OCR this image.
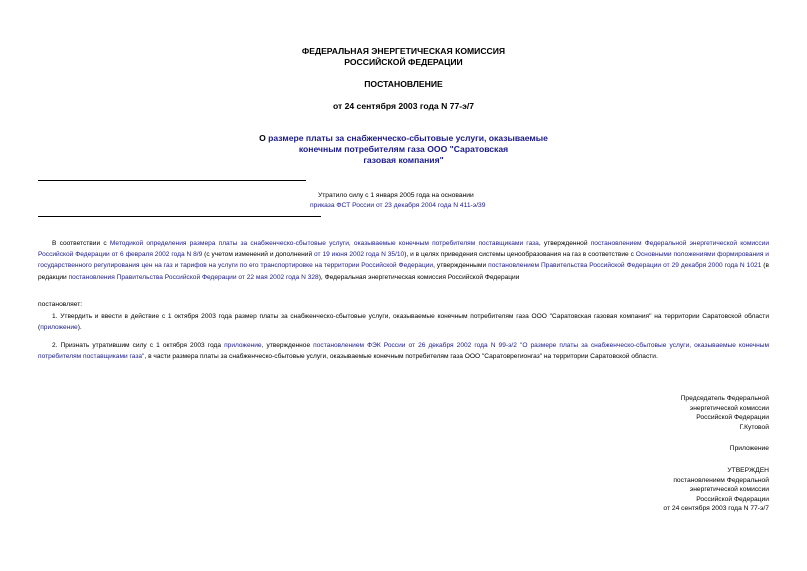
ФЕДЕРАЛЬНАЯ ЭНЕРГЕТИЧЕСКАЯ КОМИССИЯ
РОССИЙСКОЙ ФЕДЕРАЦИИ
ПОСТАНОВЛЕНИЕ
от 24 сентября 2003 года N 77-э/7
О размере платы за снабженческо-сбытовые услуги, оказываемые
конечным потребителям газа ООО "Саратовская
газовая компания"
Утратило силу с 1 января 2005 года на основании
приказа ФСТ России от 23 декабря 2004 года N 411-э/39
В соответствии с Методикой определения размера платы за снабженческо-сбытовые услуги, оказываемые конечным потребителям поставщиками газа, утвержденной постановлением Федеральной энергетической комиссии Российской Федерации от 6 февраля 2002 года N 8/9 (с учетом изменений и дополнений от 19 июня 2002 года N 35/10), и в целях приведения системы ценообразования на газ в соответствие с Основными положениями формирования и государственного регулирования цен на газ и тарифов на услуги по его транспортировке на территории Российской Федерации, утвержденными постановлением Правительства Российской Федерации от 29 декабря 2000 года N 1021 (в редакции постановления Правительства Российской Федерации от 22 мая 2002 года N 328), Федеральная энергетическая комиссия Российской Федерации
постановляет:
1. Утвердить и ввести в действие с 1 октября 2003 года размер платы за снабженческо-сбытовые услуги, оказываемые конечным потребителям газа ООО "Саратовская газовая компания" на территории Саратовской области (приложение).
2. Признать утратившим силу с 1 октября 2003 года приложение, утвержденное постановлением ФЭК России от 26 декабря 2002 года N 99-э/2 "О размере платы за снабженческо-сбытовые услуги, оказываемые конечным потребителям поставщиками газа", в части размера платы за снабженческо-сбытовые услуги, оказываемые конечным потребителям газа ООО "Саратоврегионгаз" на территории Саратовской области.
Председатель Федеральной
энергетической комиссии
Российской Федерации
Г.Кутовой
Приложение
УТВЕРЖДЕН
постановлением Федеральной
энергетической комиссии
Российской Федерации
от 24 сентября 2003 года N 77-э/7
